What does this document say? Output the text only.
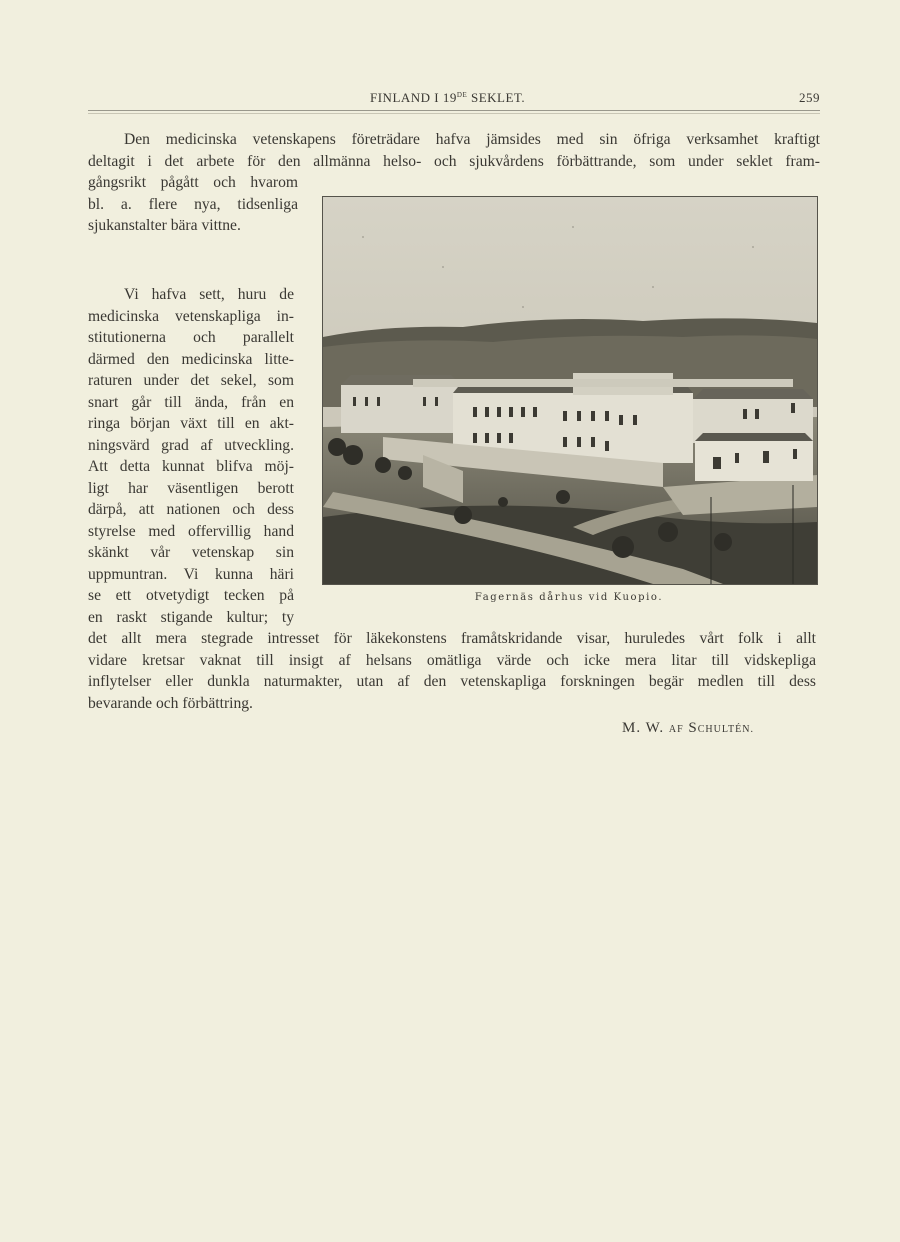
FINLAND I 19DE SEKLET.	259
Den medicinska vetenskapens företrädare hafva jämsides med sin öfriga verksamhet kraftigt
deltagit i det arbete för den allmänna helso- och sjukvårdens förbättrande, som under seklet fram-
gångsrikt pågått och hvarom
bl. a. flere nya, tidsenliga
sjukanstalter bära vittne.
Vi hafva sett, huru de
medicinska vetenskapliga in-
stitutionerna och parallelt
därmed den medicinska litte-
raturen under det sekel, som
snart går till ända, från en
ringa början växt till en akt-
ningsvärd grad af utveckling.
Att detta kunnat blifva möj-
ligt har väsentligen berott
därpå, att nationen och dess
styrelse med offervillig hand
skänkt vår vetenskap sin
uppmuntran. Vi kunna häri
se ett otvetydigt tecken på
en raskt stigande kultur; ty
det allt mera stegrade intresset för läkekonstens framåtskridande visar, huruledes vårt folk i allt
vidare kretsar vaknat till insigt af helsans omätliga värde och icke mera litar till vidskepliga
inflytelser eller dunkla naturmakter, utan af den vetenskapliga forskningen begär medlen till dess
bevarande och förbättring.
Fagernäs dårhus vid Kuopio.
M. W. AF SCHULTÉN.
